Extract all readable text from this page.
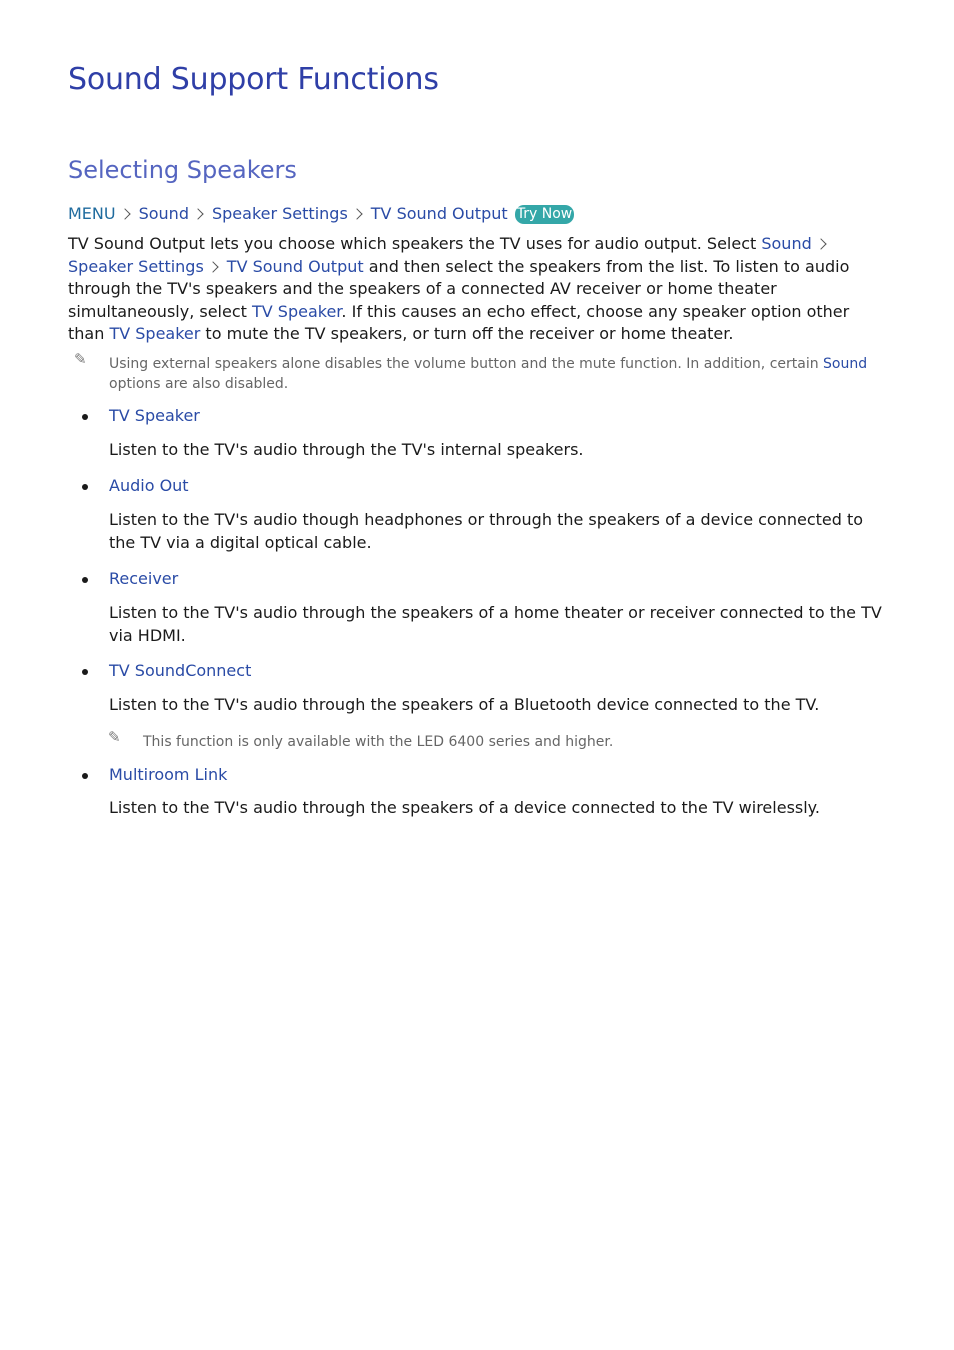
Sound Support Functions
Selecting Speakers
MENU Sound Speaker Settings TV Sound Output Try Now

TV Sound Output lets you choose which speakers the TV uses for audio output. Select SoundSpeaker Settings TV Sound Output and then select the speakers from the list. To listen to audio through the TV's speakers and the speakers of a connected AV receiver or home theater simultaneously, select TV Speaker. If this causes an echo effect, choose any speaker option other than TV Speaker to mute the TV speakers, or turn off the receiver or home theater.

✎ Using external speakers alone disables the volume button and the mute function. In addition, certain Sound options are also disabled.
TV Speaker

Listen to the TV's audio through the TV's internal speakers.

Audio Out

Listen to the TV's audio though headphones or through the speakers of a device connected to the TV via a digital optical cable.

Receiver

Listen to the TV's audio through the speakers of a home theater or receiver connected to the TV via HDMI.

TV SoundConnect

Listen to the TV's audio through the speakers of a Bluetooth device connected to the TV.

✎ This function is only available with the LED 6400 series and higher.
Multiroom Link

Listen to the TV's audio through the speakers of a device connected to the TV wirelessly.
